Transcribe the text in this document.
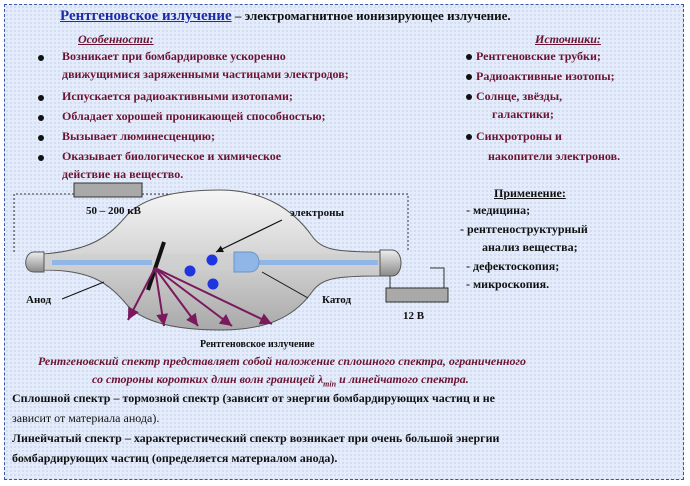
Рентгеновское излучение – электромагнитное ионизирующее излучение.
Особенности:
Возникает при бомбардировке ускоренно
движущимися заряженными частицами электродов;
Испускается радиоактивными изотопами;
Обладает хорошей проникающей способностью;
Вызывает люминесценцию;
Оказывает биологическое и химическое
действие на вещество.
Источники:
Рентгеновские трубки;
Радиоактивные изотопы;
Солнце, звёзды,
галактики;
Синхротроны и
накопители электронов.
Применение:
- медицина;
- рентгеноструктурный
анализ вещества;
- дефектоскопия;
- микроскопия.
50 – 200 кВ	электроны
Анод	Катод
12 В
Рентгеновское излучение
Рентгеновский спектр представляет собой наложение сплошного спектра, ограниченного
со стороны коротких длин волн границей $\lambda_{min}$ и линейчатого спектра.
Сплошной спектр – тормозной спектр (зависит от энергии бомбардирующих частиц и не
зависит от материала анода).
Линейчатый спектр – характеристический спектр возникает при очень большой энергии
бомбардирующих частиц (определяется материалом анода).
